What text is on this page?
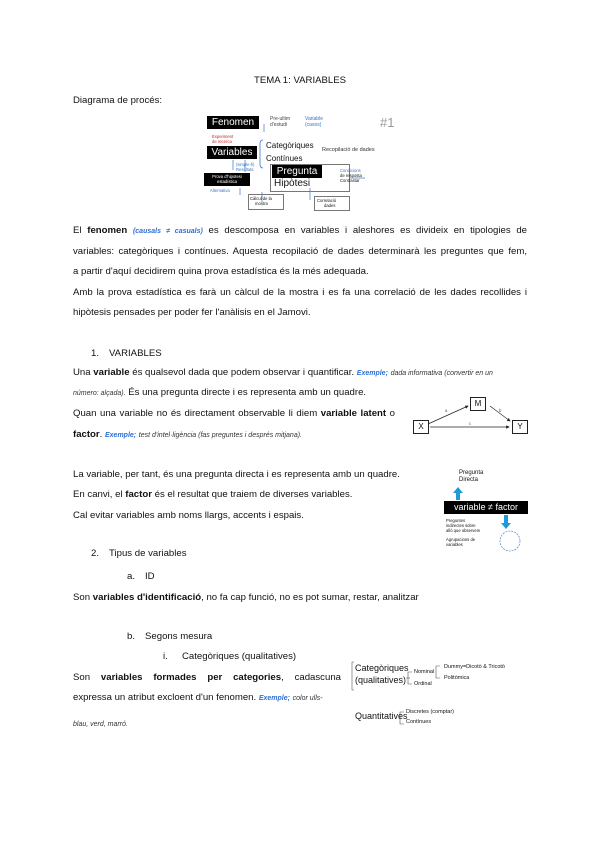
TEMA 1: VARIABLES
Diagrama de procés:
Fenomen	Pre-ultim
d'estudi
Variable
(casos)	#1
Experiment
de recerca
Variables
Categòriques
Contínues
Recopilació de dades
(simple-fi)
Resultats	Pregunta
Hipòtesi
Condicions
de resposta
Contrastar
Prova d'hipotesi
estadística
Alternativa
Càlcul de la
mostra
Correlació
dades
El fenomen (causals ≠ casuals) es descomposa en variables i aleshores es divideix en tipologies de
variables: categòriques i contínues. Aquesta recopilació de dades determinarà les preguntes que fem,
a partir d'aquí decidirem quina prova estadística és la més adequada.
Amb la prova estadística es farà un càlcul de la mostra i es fa una correlació de les dades recollides i
hipòtesis pensades per poder fer l'anàlisis en el Jamovi.
1. VARIABLES
Una variable és qualsevol dada que podem observar i quantificar. Exemple; dada informativa (convertir en un
número: alçada). És una pregunta directe i es representa amb un quadre.
Quan una variable no és directament observable li diem variable latent o
factor. Exemple; test d'intel·ligència (fas preguntes i després mitjana).
M
X	Y
a	b
c
La variable, per tant, és una pregunta directa i es representa amb un quadre.
En canvi, el factor és el resultat que traiem de diverses variables.
Cal evitar variables amb noms llargs, accents i espais.
Pregunta
Directa
variable ≠ factor
Preguntes
indirectes sobre
allò que observem
Agrupacions de
variables
2. Tipus de variables
a. ID
Son variables d'identificació, no fa cap funció, no es pot sumar, restar, analitzar
b. Segons mesura
i. Categòriques (qualitatives)
Son variables formades per categories, cadascuna
expressa un atribut excloent d'un fenomen. Exemple; color ulls-
blau, verd, marró.
Categòriques
(qualitatives)
Nominal
Ordinal
Dummy=Dicotò & Tricotò
Politòmica
Quantitatives
Discretes (comptar)
Contínues
